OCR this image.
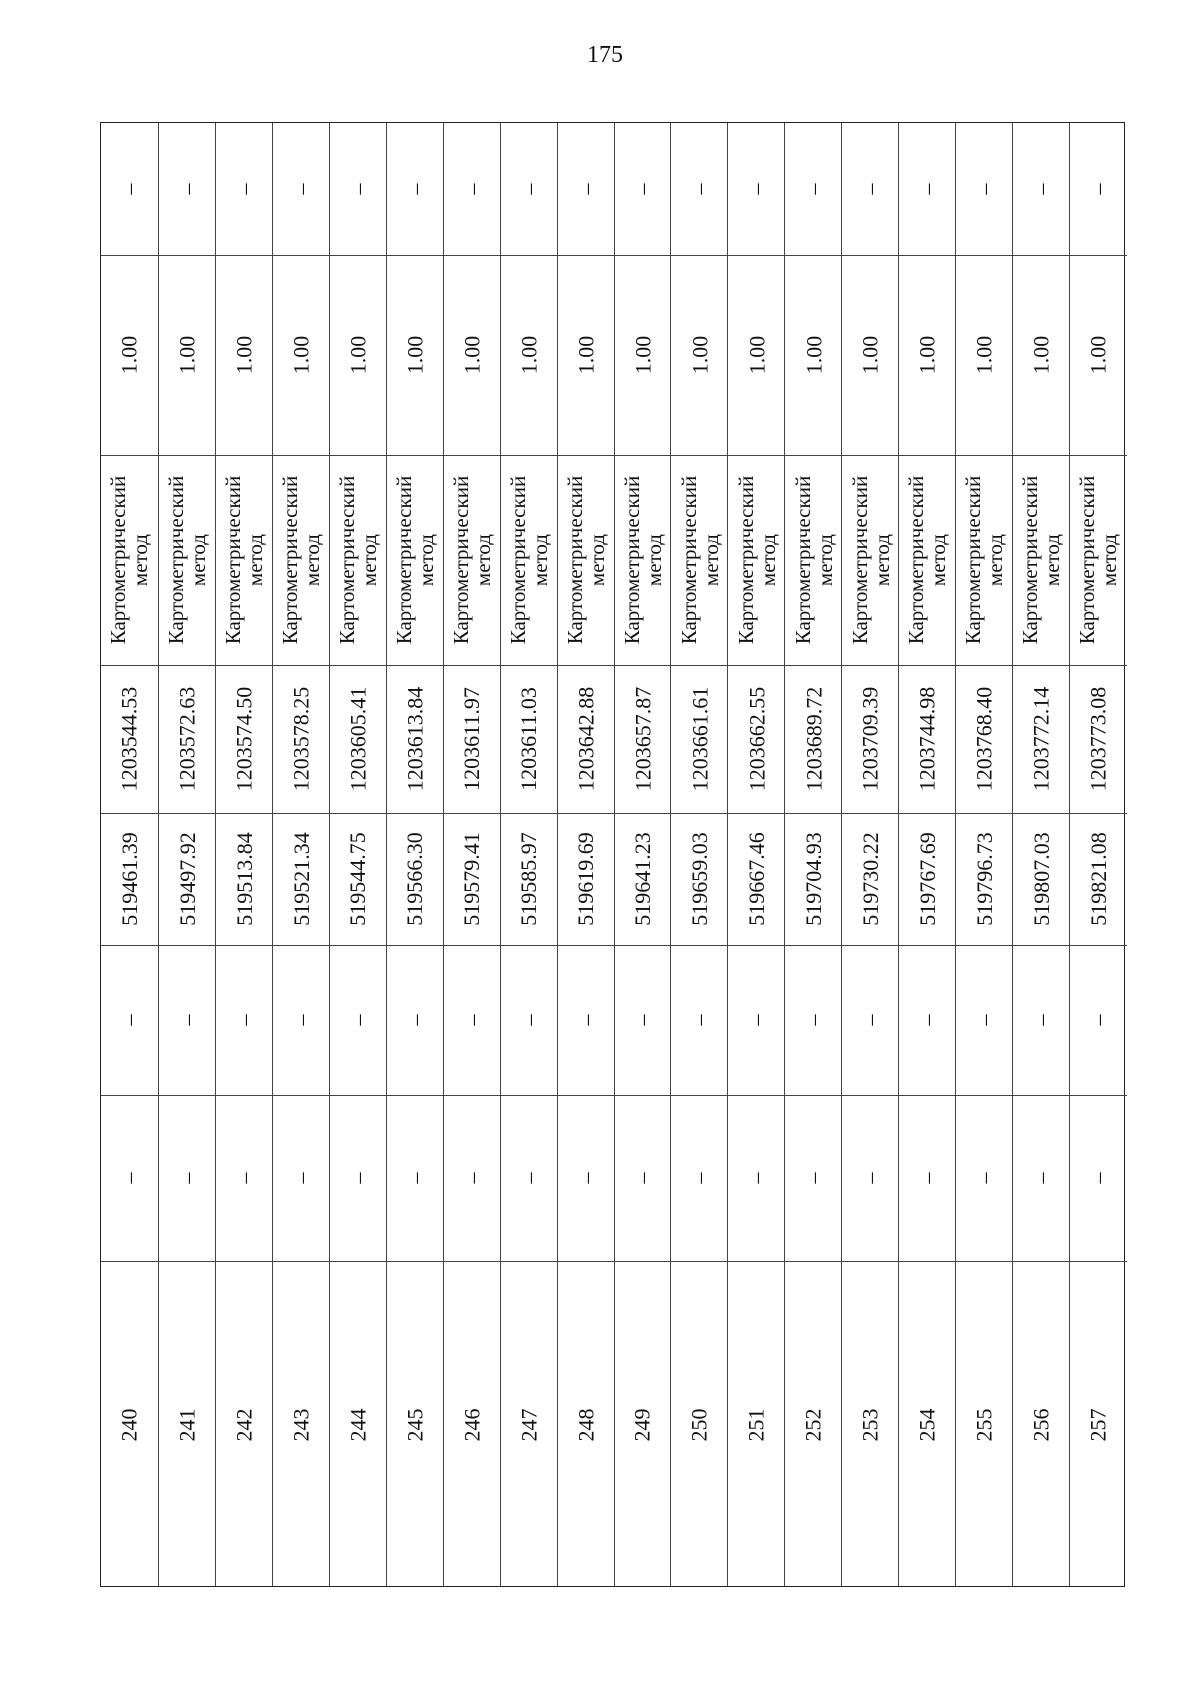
175
–
1.00
Картометрический
метод
1203544.53
519461.39
–
–
240
–
1.00
Картометрический
метод
1203572.63
519497.92
–
–
241
–
1.00
Картометрический
метод
1203574.50
519513.84
–
–
242
–
1.00
Картометрический
метод
1203578.25
519521.34
–
–
243
–
1.00
Картометрический
метод
1203605.41
519544.75
–
–
244
–
1.00
Картометрический
метод
1203613.84
519566.30
–
–
245
–
1.00
Картометрический
метод
1203611.97
519579.41
–
–
246
–
1.00
Картометрический
метод
1203611.03
519585.97
–
–
247
–
1.00
Картометрический
метод
1203642.88
519619.69
–
–
248
–
1.00
Картометрический
метод
1203657.87
519641.23
–
–
249
–
1.00
Картометрический
метод
1203661.61
519659.03
–
–
250
–
1.00
Картометрический
метод
1203662.55
519667.46
–
–
251
–
1.00
Картометрический
метод
1203689.72
519704.93
–
–
252
–
1.00
Картометрический
метод
1203709.39
519730.22
–
–
253
–
1.00
Картометрический
метод
1203744.98
519767.69
–
–
254
–
1.00
Картометрический
метод
1203768.40
519796.73
–
–
255
–
1.00
Картометрический
метод
1203772.14
519807.03
–
–
256
–
1.00
Картометрический
метод
1203773.08
519821.08
–
–
257
